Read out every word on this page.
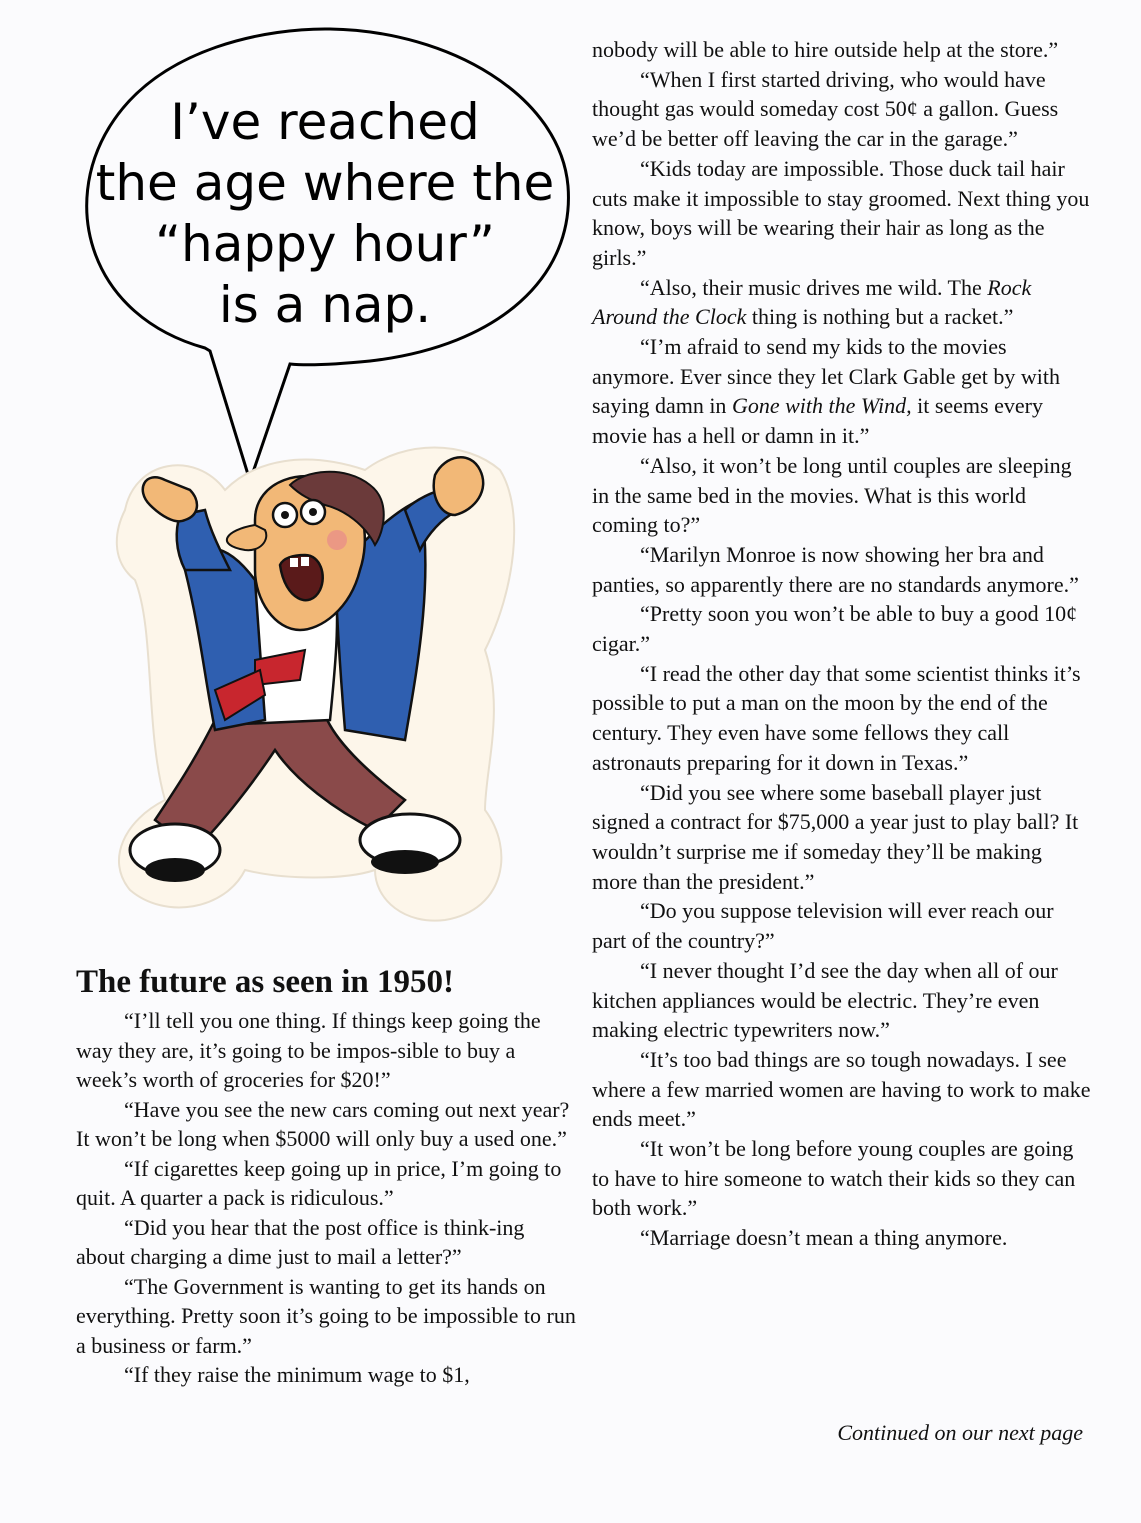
I’ve reached
the age where the
“happy hour”
is a nap.
The future as seen in 1950!

“I’ll tell you one thing. If things keep going the way they are, it’s going to be impos-sible to buy a week’s worth of groceries for $20!”

“Have you see the new cars coming out next year? It won’t be long when $5000 will only buy a used one.”

“If cigarettes keep going up in price, I’m going to quit. A quarter a pack is ridiculous.”

“Did you hear that the post office is think-ing about charging a dime just to mail a letter?”

“The Government is wanting to get its hands on everything. Pretty soon it’s going to be impossible to run a business or farm.”

“If they raise the minimum wage to $1,

nobody will be able to hire outside help at the store.”

“When I first started driving, who would have thought gas would someday cost 50¢ a gallon. Guess we’d be better off leaving the car in the garage.”

“Kids today are impossible. Those duck tail hair cuts make it impossible to stay groomed. Next thing you know, boys will be wearing their hair as long as the girls.”

“Also, their music drives me wild. The Rock Around the Clock thing is nothing but a racket.”

“I’m afraid to send my kids to the movies anymore. Ever since they let Clark Gable get by with saying damn in Gone with the Wind, it seems every movie has a hell or damn in it.”

“Also, it won’t be long until couples are sleeping in the same bed in the movies. What is this world coming to?”

“Marilyn Monroe is now showing her bra and panties, so apparently there are no standards anymore.”

“Pretty soon you won’t be able to buy a good 10¢ cigar.”

“I read the other day that some scientist thinks it’s possible to put a man on the moon by the end of the century. They even have some fellows they call astronauts preparing for it down in Texas.”

“Did you see where some baseball player just signed a contract for $75,000 a year just to play ball? It wouldn’t surprise me if someday they’ll be making more than the president.”

“Do you suppose television will ever reach our part of the country?”

“I never thought I’d see the day when all of our kitchen appliances would be electric. They’re even making electric typewriters now.”

“It’s too bad things are so tough nowadays. I see where a few married women are having to work to make ends meet.”

“It won’t be long before young couples are going to have to hire someone to watch their kids so they can both work.”

“Marriage doesn’t mean a thing anymore.

Continued on our next page
